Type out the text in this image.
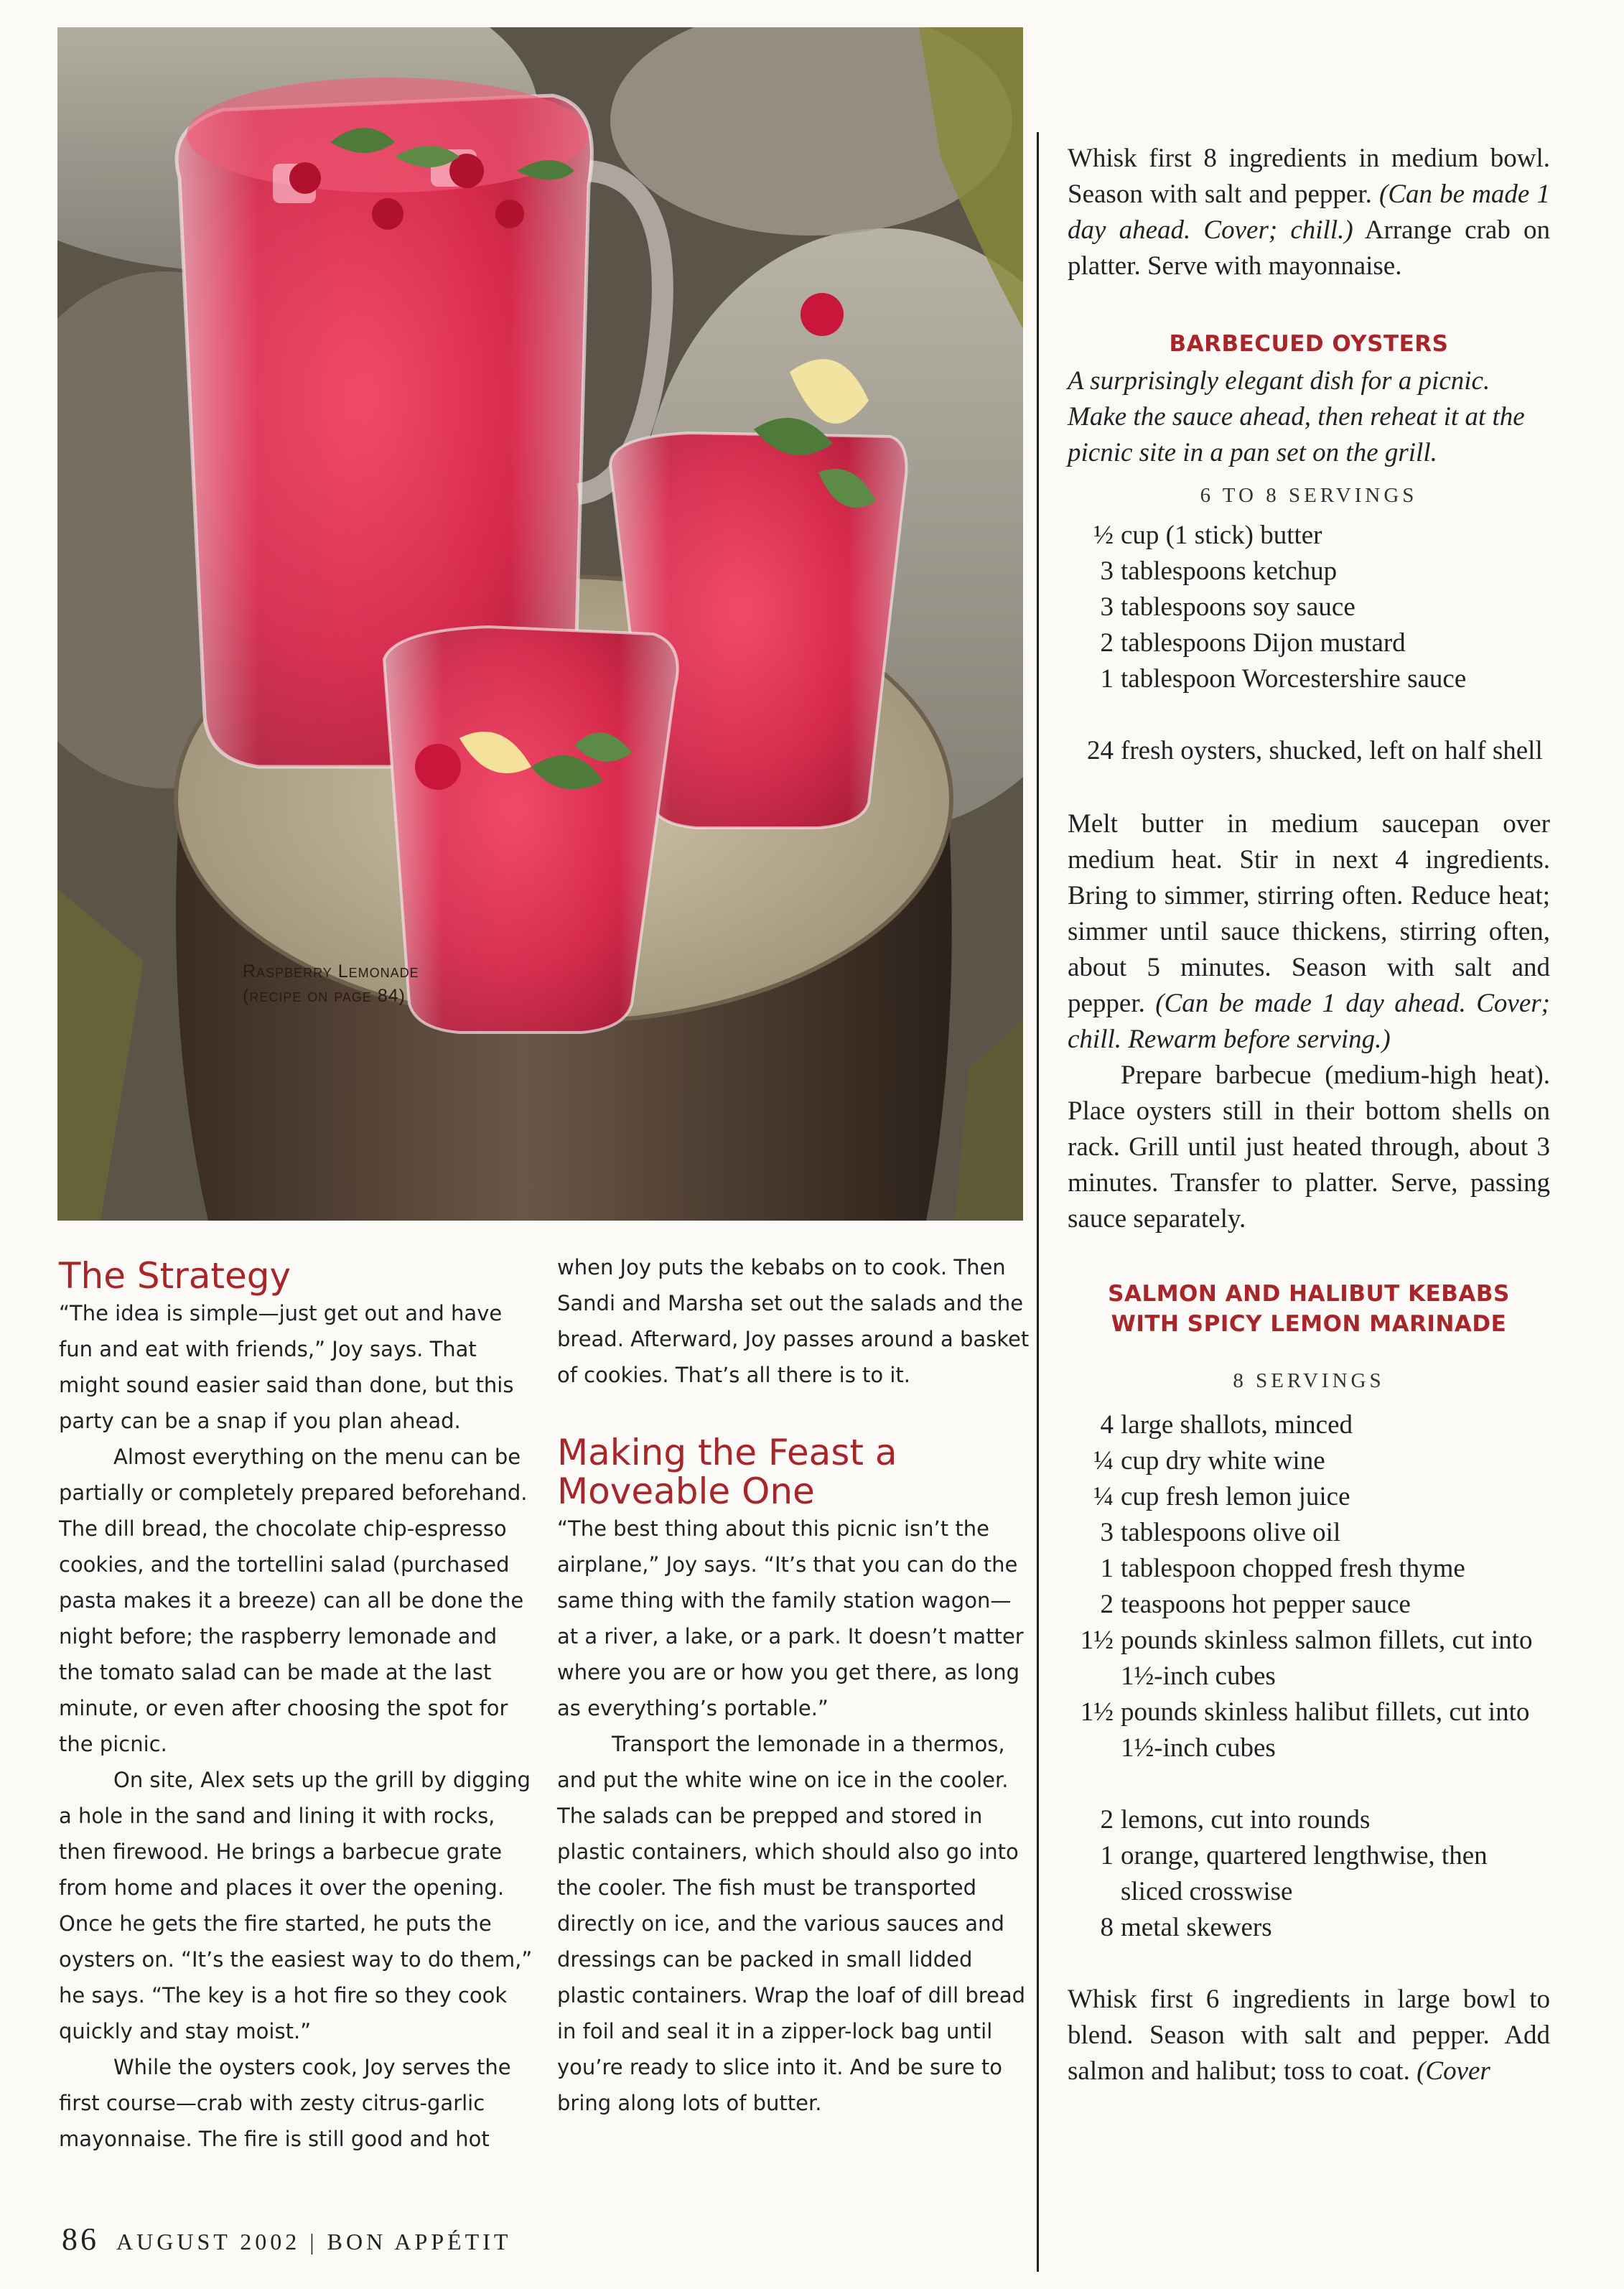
Raspberry Lemonade
(recipe on page 84)
The Strategy

“The idea is simple—just get out and have fun and eat with friends,” Joy says. That might sound easier said than done, but this party can be a snap if you plan ahead.

Almost everything on the menu can be partially or completely prepared beforehand. The dill bread, the chocolate chip-espresso cookies, and the tortellini salad (purchased pasta makes it a breeze) can all be done the night before; the raspberry lemonade and the tomato salad can be made at the last minute, or even after choosing the spot for the picnic.

On site, Alex sets up the grill by digging a hole in the sand and lining it with rocks, then firewood. He brings a barbecue grate from home and places it over the opening. Once he gets the fire started, he puts the oysters on. “It’s the easiest way to do them,” he says. “The key is a hot fire so they cook quickly and stay moist.”

While the oysters cook, Joy serves the first course—crab with zesty citrus-garlic mayonnaise. The fire is still good and hot

when Joy puts the kebabs on to cook. Then Sandi and Marsha set out the salads and the bread. Afterward, Joy passes around a basket of cookies. That’s all there is to it.

Making the Feast a
Moveable One

“The best thing about this picnic isn’t the airplane,” Joy says. “It’s that you can do the same thing with the family station wagon—at a river, a lake, or a park. It doesn’t matter where you are or how you get there, as long as everything’s portable.”

Transport the lemonade in a thermos, and put the white wine on ice in the cooler. The salads can be prepped and stored in plastic containers, which should also go into the cooler. The fish must be transported directly on ice, and the various sauces and dressings can be packed in small lidded plastic containers. Wrap the loaf of dill bread in foil and seal it in a zipper-lock bag until you’re ready to slice into it. And be sure to bring along lots of butter.

Whisk first 8 ingredients in medium bowl. Season with salt and pepper. (Can be made 1 day ahead. Cover; chill.) Arrange crab on platter. Serve with mayonnaise.

BARBECUED OYSTERS

A surprisingly elegant dish for a picnic. Make the sauce ahead, then reheat it at the picnic site in a pan set on the grill.

6 TO 8 SERVINGS

½ cup (1 stick) butter
3 tablespoons ketchup
3 tablespoons soy sauce
2 tablespoons Dijon mustard
1 tablespoon Worcestershire sauce
24 fresh oysters, shucked, left on half shell

Melt butter in medium saucepan over medium heat. Stir in next 4 ingredients. Bring to simmer, stirring often. Reduce heat; simmer until sauce thickens, stirring often, about 5 minutes. Season with salt and pepper. (Can be made 1 day ahead. Cover; chill. Rewarm before serving.)

Prepare barbecue (medium-high heat). Place oysters still in their bottom shells on rack. Grill until just heated through, about 3 minutes. Transfer to platter. Serve, passing sauce separately.

SALMON AND HALIBUT KEBABS
WITH SPICY LEMON MARINADE

8 SERVINGS

4 large shallots, minced
¼ cup dry white wine
¼ cup fresh lemon juice
3 tablespoons olive oil
1 tablespoon chopped fresh thyme
2 teaspoons hot pepper sauce
1½ pounds skinless salmon fillets, cut into 1½-inch cubes
1½ pounds skinless halibut fillets, cut into 1½-inch cubes
2 lemons, cut into rounds
1 orange, quartered lengthwise, then sliced crosswise
8 metal skewers

Whisk first 6 ingredients in large bowl to blend. Season with salt and pepper. Add salmon and halibut; toss to coat. (Cover

86 AUGUST 2002 | BON APPÉTIT
